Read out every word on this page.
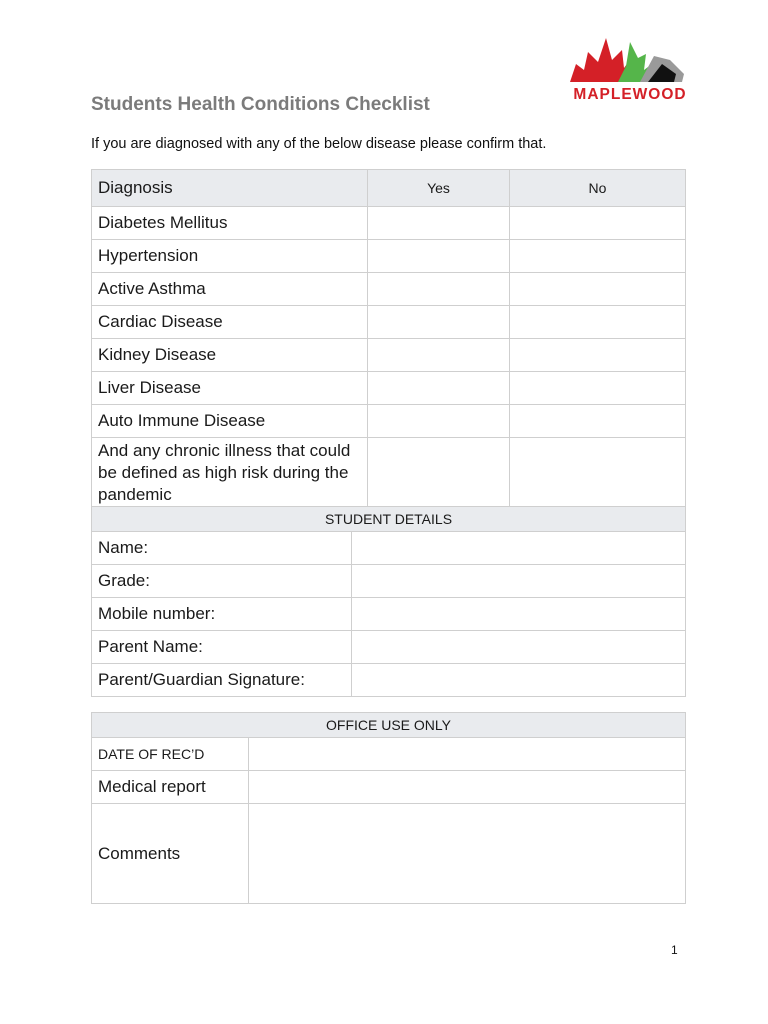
MAPLEWOOD
Students Health Conditions Checklist

If you are diagnosed with any of the below disease please confirm that.

Diagnosis	Yes	No
Diabetes Mellitus		
Hypertension		
Active Asthma		
Cardiac Disease		
Kidney Disease		
Liver Disease		
Auto Immune Disease		
And any chronic illness that could be defined as high risk during the pandemic		
STUDENT DETAILS	
Name:	
Grade:	
Mobile number:	
Parent Name:	
Parent/Guardian Signature:	
OFFICE USE ONLY	
DATE OF REC’D	
Medical report	
Comments	
1
